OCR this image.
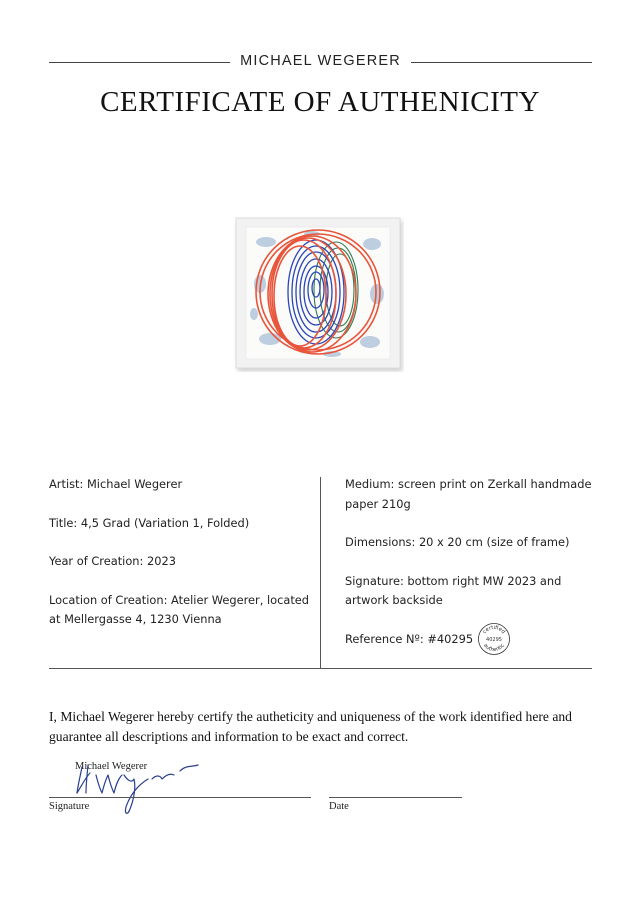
MICHAEL WEGERER
CERTIFICATE OF AUTHENICITY
Artist: Michael Wegerer
Title: 4,5 Grad (Variation 1, Folded)
Year of Creation: 2023
Location of Creation: Atelier Wegerer, located at Mellergasse 4, 1230 Vienna
Medium: screen print on Zerkall handmade paper 210g
Dimensions: 20 x 20 cm (size of frame)
Signature: bottom right MW 2023 and artwork backside
Reference Nº: #40295	certified
40295
authentic
I, Michael Wegerer hereby certify the autheticity and uniqueness of the work identified here and guarantee all descriptions and information to be exact and correct.
Michael Wegerer
Signature	Date
